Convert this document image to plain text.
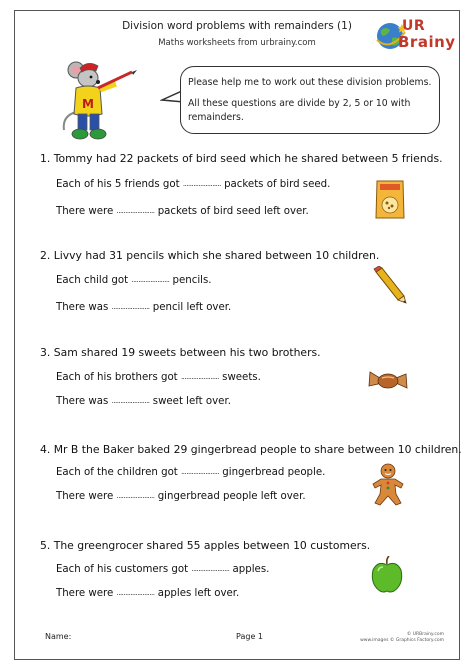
Division word problems with remainders (1)
Maths worksheets from urbrainy.com
UR
Brainy
M
Please help me to work out these division problems.
All these questions are divide by 2, 5 or 10 with remainders.
1. Tommy had 22 packets of bird seed which he shared between 5 friends.
Each of his 5 friends got ...................... packets of bird seed.
There were ...................... packets of bird seed left over.
2. Livvy had 31 pencils which she shared between 10 children.
Each child got ...................... pencils.
There was ...................... pencil left over.
3. Sam shared 19 sweets between his two brothers.
Each of his brothers got ...................... sweets.
There was ...................... sweet left over.
4. Mr B the Baker baked 29 gingerbread people to share between 10 children.
Each of the children got ...................... gingerbread people.
There were ...................... gingerbread people left over.
5. The greengrocer shared 55 apples between 10 customers.
Each of his customers got ...................... apples.
There were ...................... apples left over.
Name:	Page 1	© URBrainy.com
www.images © Graphics Factory.com
